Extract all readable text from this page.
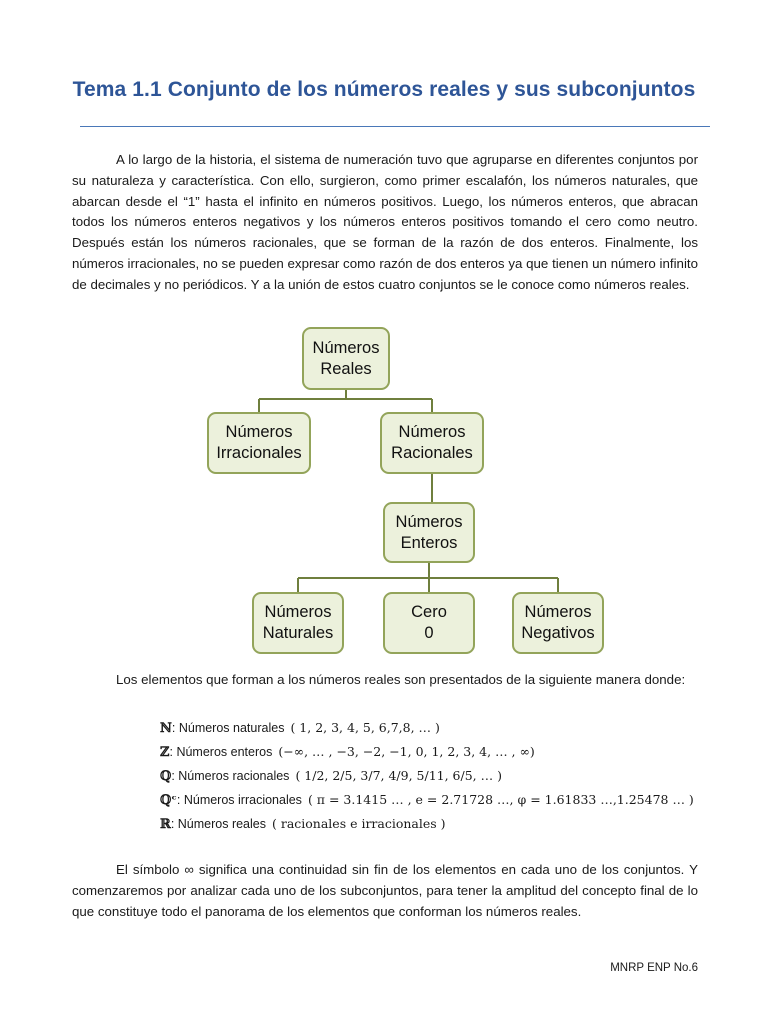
Tema 1.1 Conjunto de los números reales y sus subconjuntos

A lo largo de la historia, el sistema de numeración tuvo que agruparse en diferentes conjuntos por su naturaleza y característica. Con ello, surgieron, como primer escalafón, los números naturales, que abarcan desde el “1” hasta el infinito en números positivos. Luego, los números enteros, que abracan todos los números enteros negativos y los números enteros positivos tomando el cero como neutro. Después están los números racionales, que se forman de la razón de dos enteros. Finalmente, los números irracionales, no se pueden expresar como razón de dos enteros ya que tienen un número infinito de decimales y no periódicos. Y a la unión de estos cuatro conjuntos se le conoce como números reales.

Números
Reales
Números
Irracionales
Números
Racionales
Números
Enteros
Números
Naturales
Cero
0
Números
Negativos

Los elementos que forman a los números reales son presentados de la siguiente manera donde:

ℕ: Números naturales ( 1, 2, 3, 4, 5, 6,7,8, … )
ℤ: Números enteros (−∞, … , −3, −2, −1, 0, 1, 2, 3, 4, … , ∞)
ℚ: Números racionales ( 1/2, 2/5, 3/7, 4/9, 5/11, 6/5, … )
ℚᶜ: Números irracionales ( π = 3.1415 … , e = 2.71728 …, φ = 1.61833 …,1.25478 … )
ℝ: Números reales ( racionales e irracionales )

El símbolo ∞ significa una continuidad sin fin de los elementos en cada uno de los conjuntos. Y comenzaremos por analizar cada uno de los subconjuntos, para tener la amplitud del concepto final de lo que constituye todo el panorama de los elementos que conforman los números reales.

MNRP ENP No.6
